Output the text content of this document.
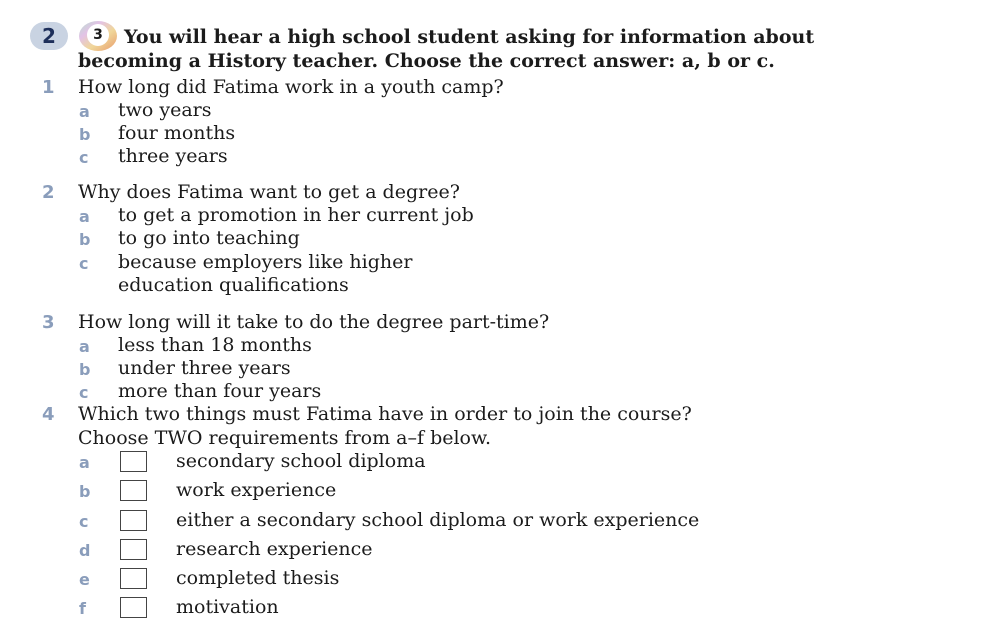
2	3 You will hear a high school student asking for information about
becoming a History teacher. Choose the correct answer: a, b or c.
1 How long did Fatima work in a youth camp?
a two years
b four months
c three years
2 Why does Fatima want to get a degree?
a to get a promotion in her current job
b to go into teaching
c because employers like higher
education qualifications
3 How long will it take to do the degree part-time?
a less than 18 months
b under three years
c more than four years
4 Which two things must Fatima have in order to join the course?
Choose TWO requirements from a–f below.
a	secondary school diploma
b	work experience
c	either a secondary school diploma or work experience
d	research experience
e	completed thesis
f	motivation
